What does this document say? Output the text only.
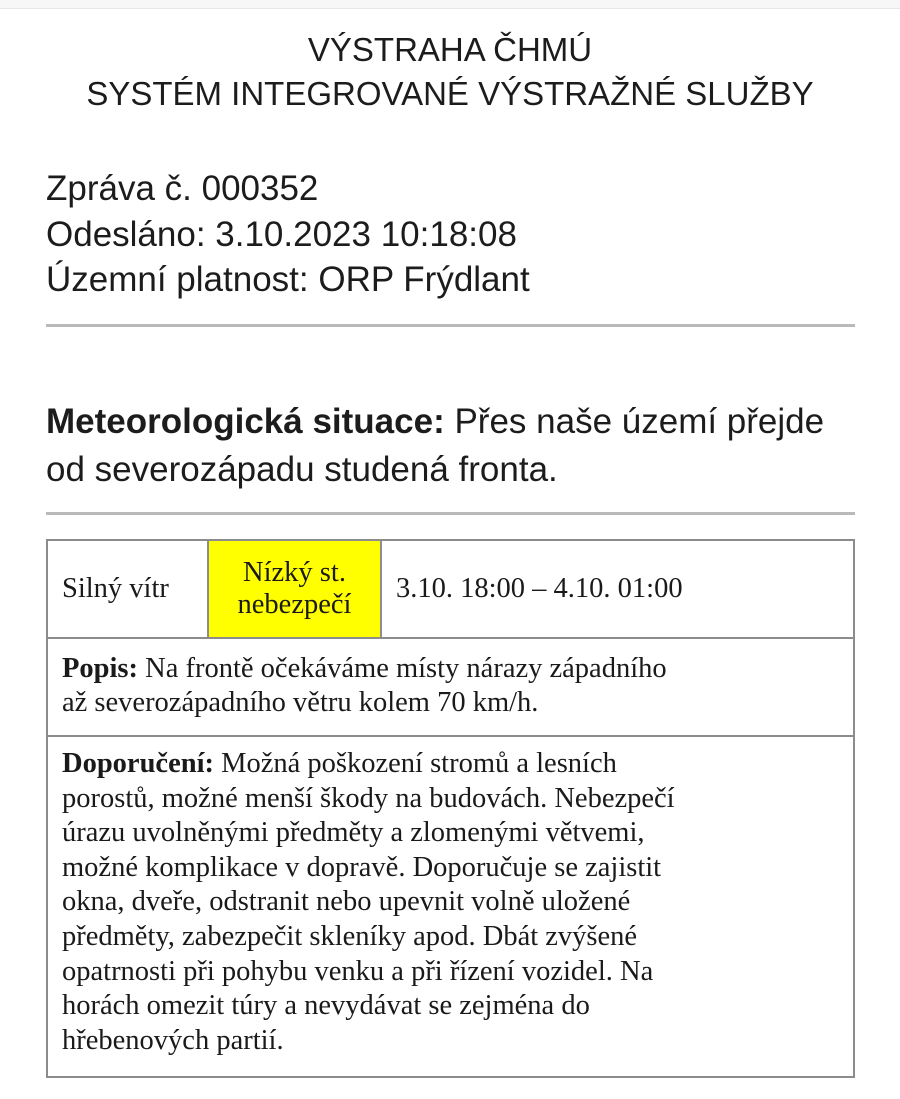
VÝSTRAHA ČHMÚ
SYSTÉM INTEGROVANÉ VÝSTRAŽNÉ SLUŽBY
Zpráva č. 000352
Odesláno: 3.10.2023 10:18:08
Územní platnost: ORP Frýdlant
Meteorologická situace: Přes naše území přejde od severozápadu studená fronta.
Silný vítr
Nízký st.
nebezpečí
3.10. 18:00 – 4.10. 01:00
Popis: Na frontě očekáváme místy nárazy západního
až severozápadního větru kolem 70 km/h.
Doporučení: Možná poškození stromů a lesních
porostů, možné menší škody na budovách. Nebezpečí
úrazu uvolněnými předměty a zlomenými větvemi,
možné komplikace v dopravě. Doporučuje se zajistit
okna, dveře, odstranit nebo upevnit volně uložené
předměty, zabezpečit skleníky apod. Dbát zvýšené
opatrnosti při pohybu venku a při řízení vozidel. Na
horách omezit túry a nevydávat se zejména do
hřebenových partií.
